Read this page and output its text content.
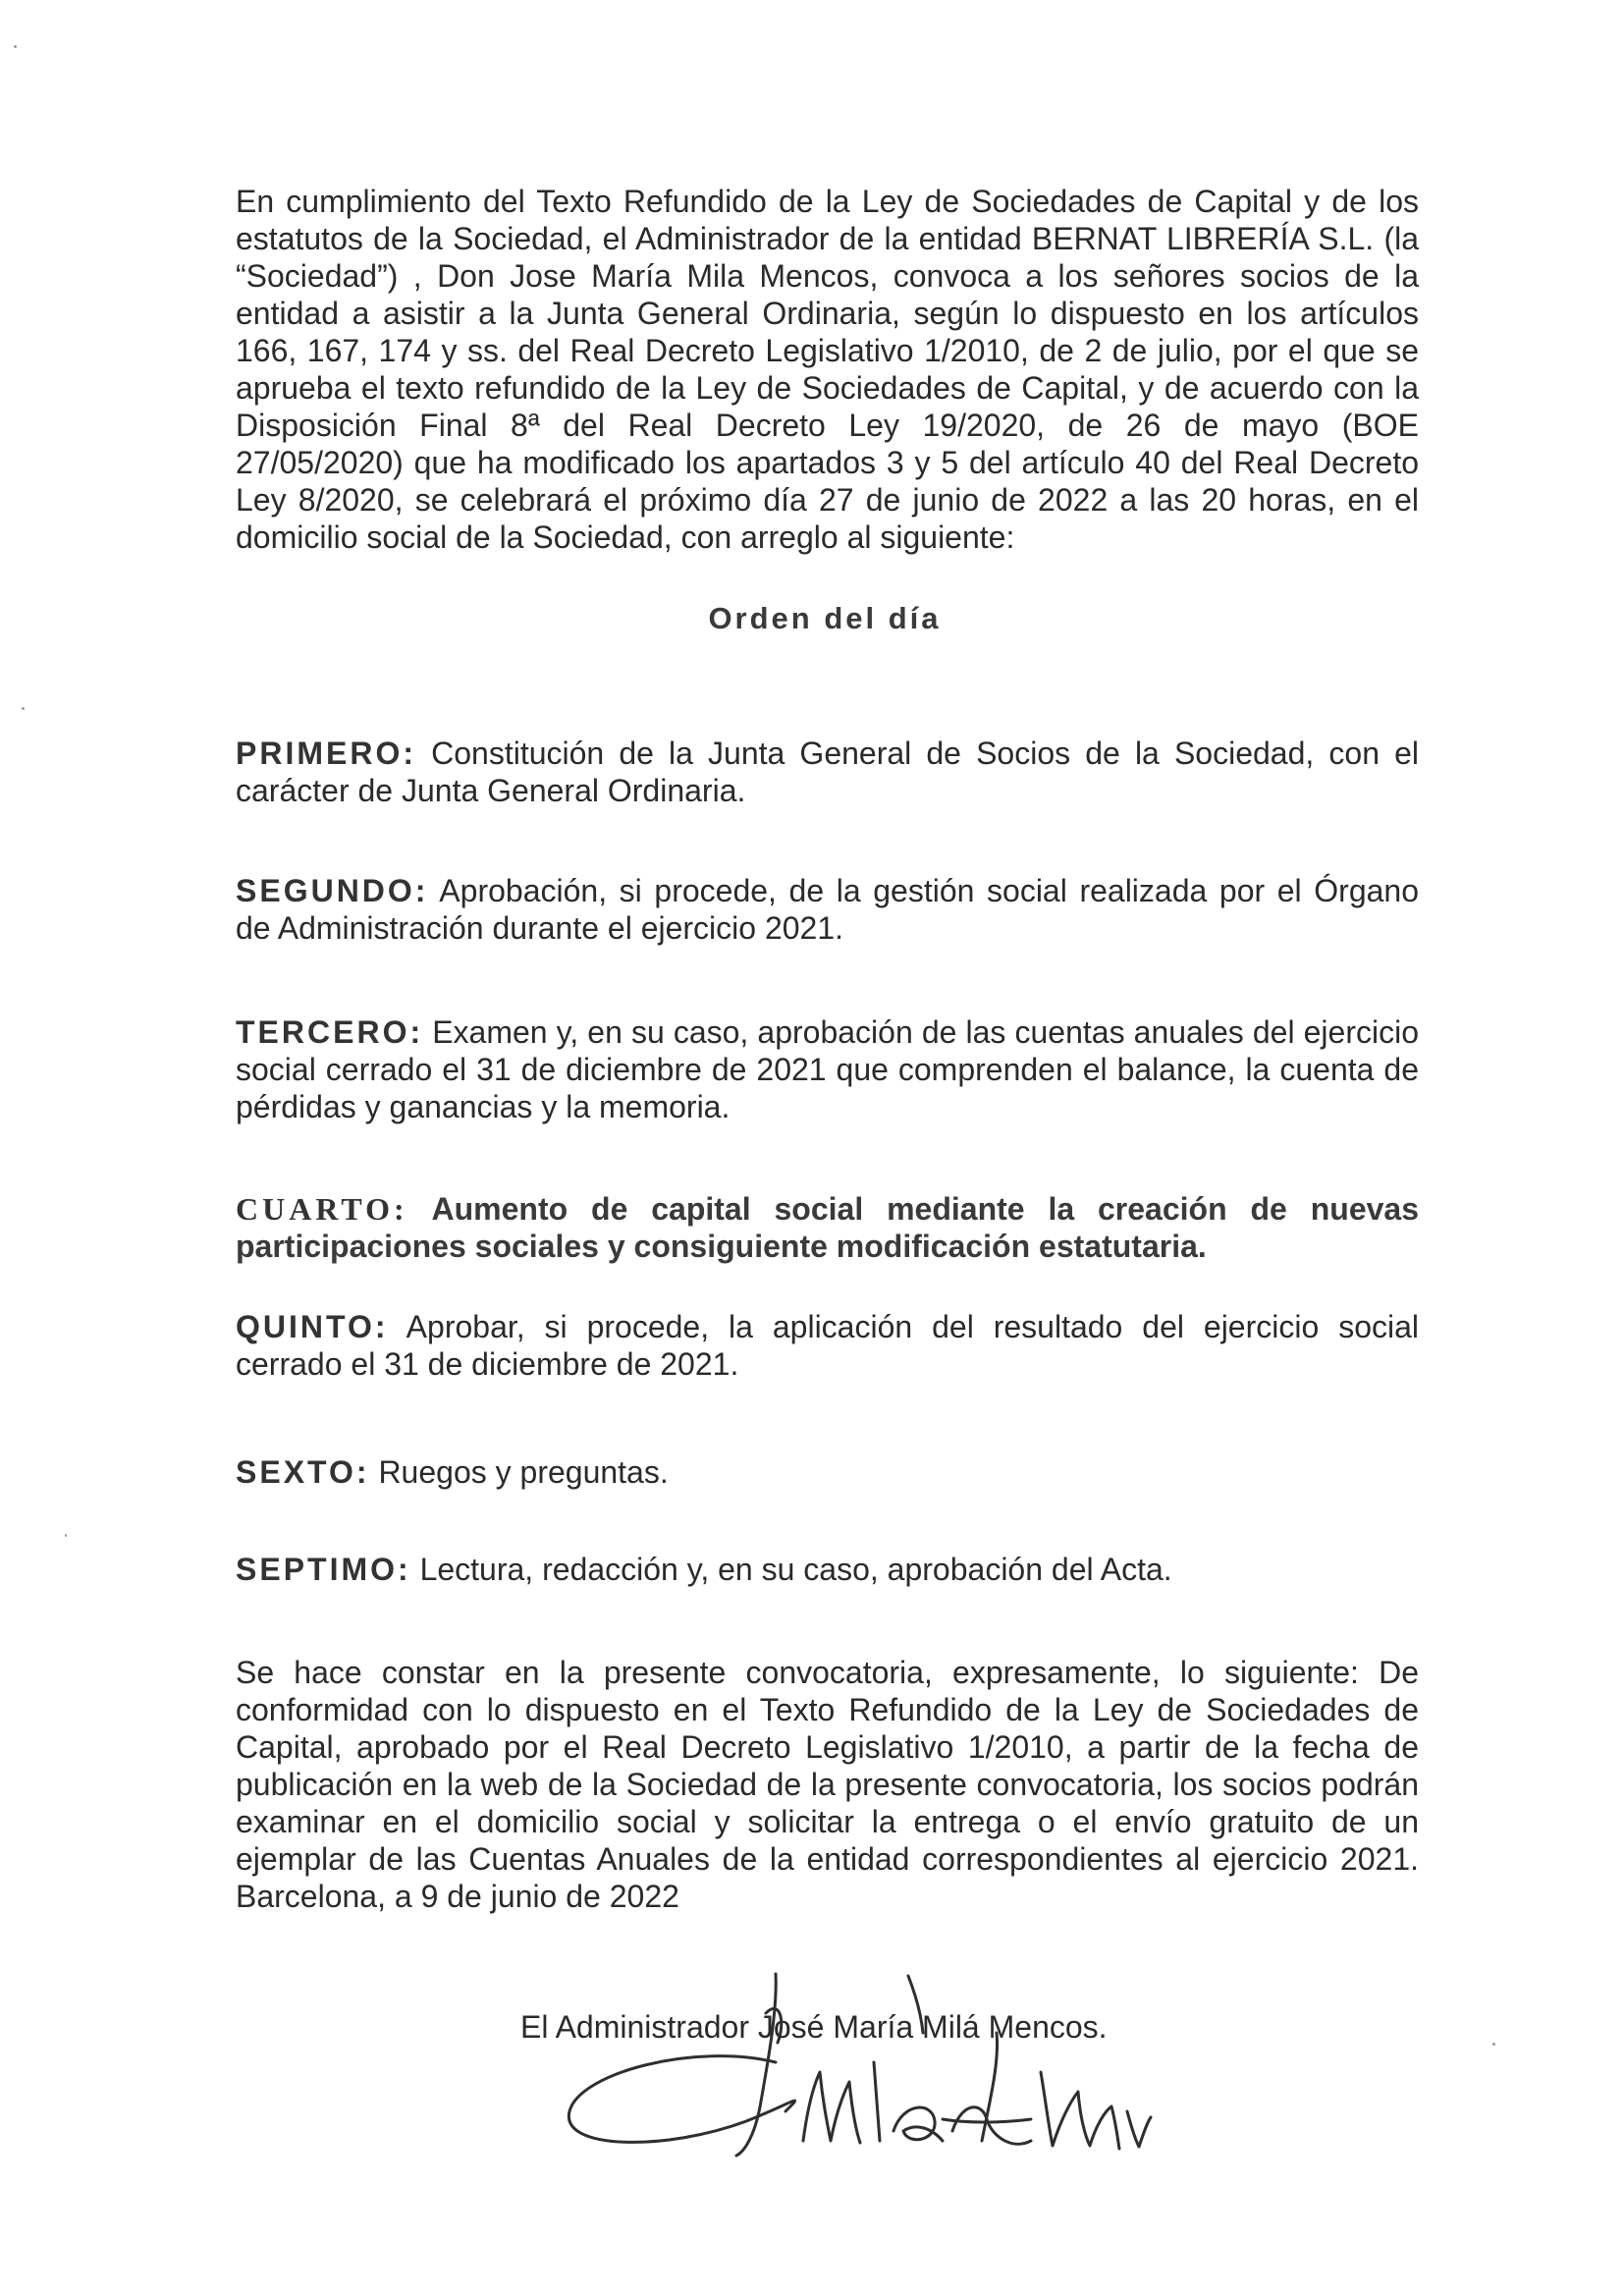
En cumplimiento del Texto Refundido de la Ley de Sociedades de Capital y de los estatutos de la Sociedad, el Administrador de la entidad BERNAT LIBRERÍA S.L. (la “Sociedad”) , Don Jose María Mila Mencos, convoca a los señores socios de la entidad a asistir a la Junta General Ordinaria, según lo dispuesto en los artículos 166, 167, 174 y ss. del Real Decreto Legislativo 1/2010, de 2 de julio, por el que se aprueba el texto refundido de la Ley de Sociedades de Capital, y de acuerdo con la Disposición Final 8ª del Real Decreto Ley 19/2020, de 26 de mayo (BOE 27/05/2020) que ha modificado los apartados 3 y 5 del artículo 40 del Real Decreto Ley 8/2020, se celebrará el próximo día 27 de junio de 2022 a las 20 horas, en el domicilio social de la Sociedad, con arreglo al siguiente:

Orden del día

PRIMERO: Constitución de la Junta General de Socios de la Sociedad, con el carácter de Junta General Ordinaria.

SEGUNDO: Aprobación, si procede, de la gestión social realizada por el Órgano de Administración durante el ejercicio 2021.

TERCERO: Examen y, en su caso, aprobación de las cuentas anuales del ejercicio social cerrado el 31 de diciembre de 2021 que comprenden el balance, la cuenta de pérdidas y ganancias y la memoria.

CUARTO: Aumento de capital social mediante la creación de nuevas participaciones sociales y consiguiente modificación estatutaria.

QUINTO: Aprobar, si procede, la aplicación del resultado del ejercicio social cerrado el 31 de diciembre de 2021.

SEXTO: Ruegos y preguntas.

SEPTIMO: Lectura, redacción y, en su caso, aprobación del Acta.

Se hace constar en la presente convocatoria, expresamente, lo siguiente: De conformidad con lo dispuesto en el Texto Refundido de la Ley de Sociedades de Capital, aprobado por el Real Decreto Legislativo 1/2010, a partir de la fecha de publicación en la web de la Sociedad de la presente convocatoria, los socios podrán examinar en el domicilio social y solicitar la entrega o el envío gratuito de un ejemplar de las Cuentas Anuales de la entidad correspondientes al ejercicio 2021. Barcelona, a 9 de junio de 2022

El Administrador José María Milá Mencos.
